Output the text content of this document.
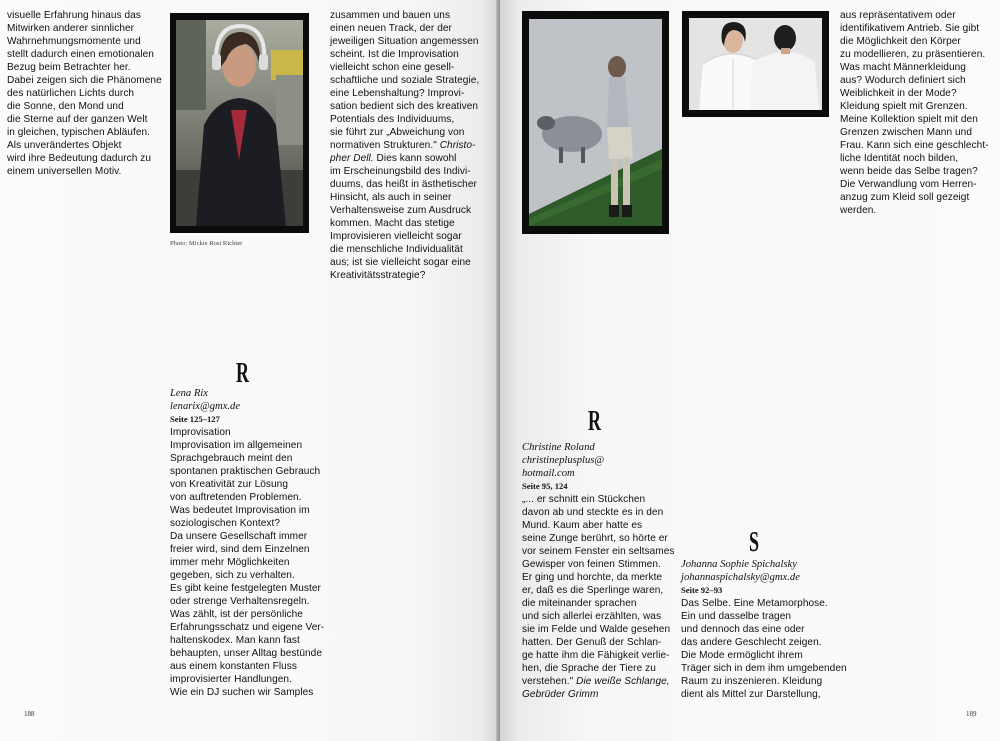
visuelle Erfahrung hinaus das
Mitwirken anderer sinnlicher
Wahrnehmungsmomente und
stellt dadurch einen emotionalen
Bezug beim Betrachter her.
Dabei zeigen sich die Phänomene
des natürlichen Lichts durch
die Sonne, den Mond und
die Sterne auf der ganzen Welt
in gleichen, typischen Abläufen.
Als unverändertes Objekt
wird ihre Bedeutung dadurch zu
einem universellen Motiv.
Photo: Mickie Rosi Richter
zusammen und bauen uns
einen neuen Track, der der
jeweiligen Situation angemessen
scheint. Ist die Improvisation
vielleicht schon eine gesell-
schaftliche und soziale Strategie,
eine Lebenshaltung? Improvi-
sation bedient sich des kreativen
Potentials des Individuums,
sie führt zur „Abweichung von
normativen Strukturen." Christo-
pher Dell. Dies kann sowohl
im Erscheinungsbild des Indivi-
duums, das heißt in ästhetischer
Hinsicht, als auch in seiner
Verhaltensweise zum Ausdruck
kommen. Macht das stetige
Improvisieren vielleicht sogar
die menschliche Individualität
aus; ist sie vielleicht sogar eine
Kreativitätsstrategie?
R
Lena Rix
lenarix@gmx.de
Seite 125–127
Improvisation
Improvisation im allgemeinen
Sprachgebrauch meint den
spontanen praktischen Gebrauch
von Kreativität zur Lösung
von auftretenden Problemen.
Was bedeutet Improvisation im
soziologischen Kontext?
Da unsere Gesellschaft immer
freier wird, sind dem Einzelnen
immer mehr Möglichkeiten
gegeben, sich zu verhalten.
Es gibt keine festgelegten Muster
oder strenge Verhaltensregeln.
Was zählt, ist der persönliche
Erfahrungsschatz und eigene Ver-
haltenskodex. Man kann fast
behaupten, unser Alltag bestünde
aus einem konstanten Fluss
improvisierter Handlungen.
Wie ein DJ suchen wir Samples
188
aus repräsentativem oder
identifikativem Antrieb. Sie gibt
die Möglichkeit den Körper
zu modellieren, zu präsentieren.
Was macht Männerkleidung
aus? Wodurch definiert sich
Weiblichkeit in der Mode?
Kleidung spielt mit Grenzen.
Meine Kollektion spielt mit den
Grenzen zwischen Mann und
Frau. Kann sich eine geschlecht-
liche Identität noch bilden,
wenn beide das Selbe tragen?
Die Verwandlung vom Herren-
anzug zum Kleid soll gezeigt
werden.
R
Christine Roland
christineplusplus@
hotmail.com
Seite 95, 124
„... er schnitt ein Stückchen
davon ab und steckte es in den
Mund. Kaum aber hatte es
seine Zunge berührt, so hörte er
vor seinem Fenster ein seltsames
Gewisper von feinen Stimmen.
Er ging und horchte, da merkte
er, daß es die Sperlinge waren,
die miteinander sprachen
und sich allerlei erzählten, was
sie im Felde und Walde gesehen
hatten. Der Genuß der Schlan-
ge hatte ihm die Fähigkeit verlie-
hen, die Sprache der Tiere zu
verstehen." Die weiße Schlange,
Gebrüder Grimm
S
Johanna Sophie Spichalsky
johannaspichalsky@gmx.de
Seite 92–93
Das Selbe. Eine Metamorphose.
Ein und dasselbe tragen
und dennoch das eine oder
das andere Geschlecht zeigen.
Die Mode ermöglicht ihrem
Träger sich in dem ihm umgebenden
Raum zu inszenieren. Kleidung
dient als Mittel zur Darstellung,
189
